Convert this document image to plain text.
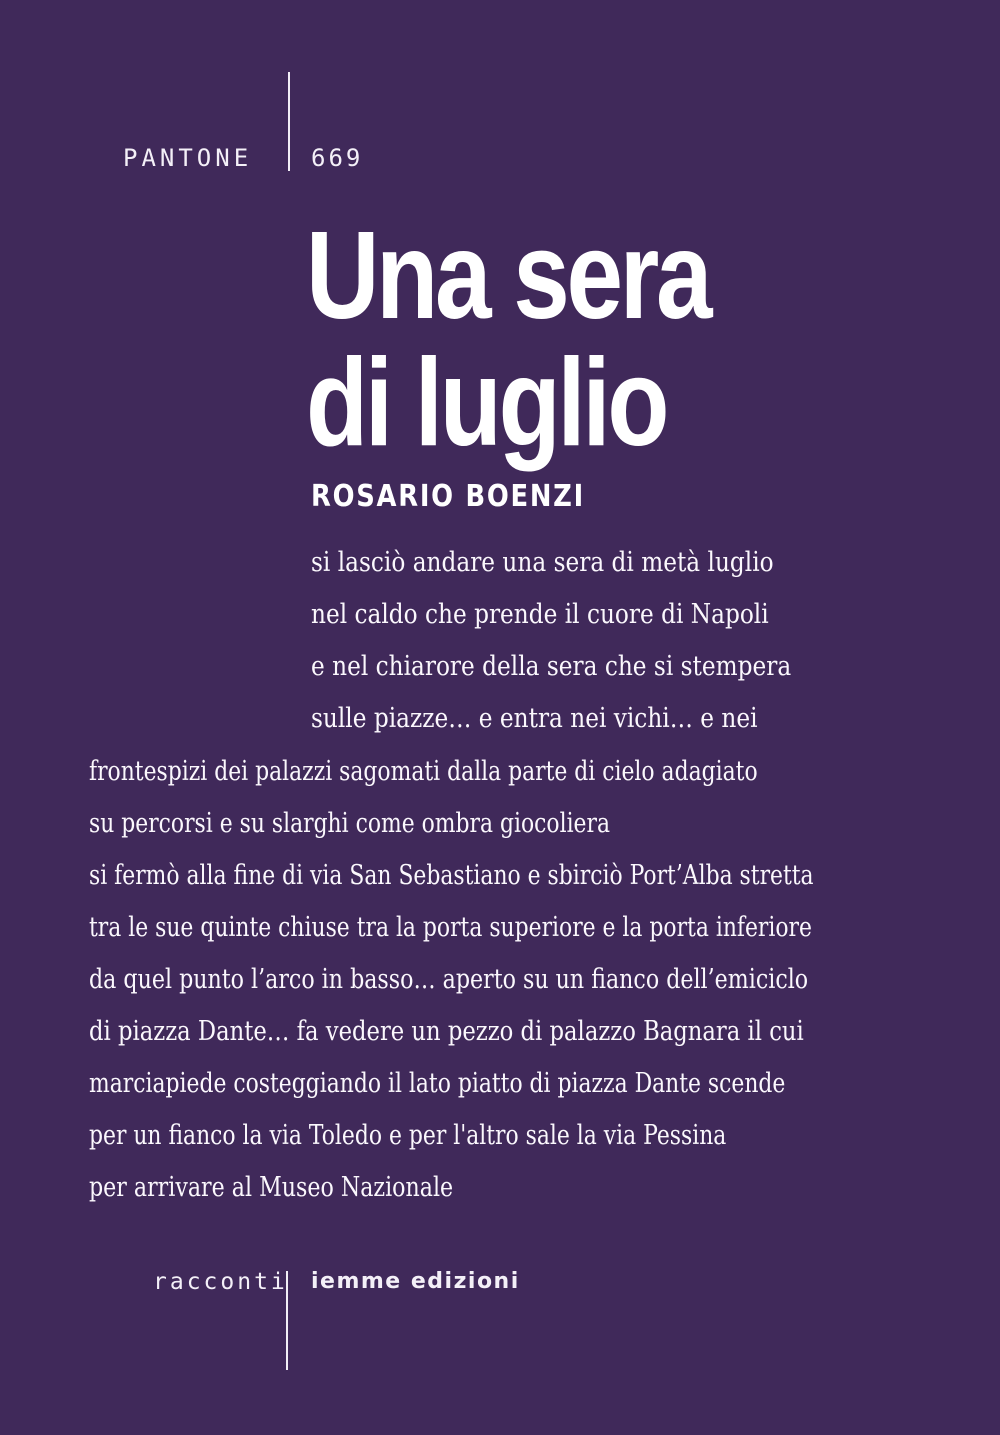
PANTONE 669
Una sera
di luglio
ROSARIO BOENZI
si lasciò andare una sera di metà luglio
nel caldo che prende il cuore di Napoli
e nel chiarore della sera che si stempera
sulle piazze… e entra nei vichi… e nei
frontespizi dei palazzi sagomati dalla parte di cielo adagiato
su percorsi e su slarghi come ombra giocoliera
si fermò alla fine di via San Sebastiano e sbirciò Port’Alba stretta
tra le sue quinte chiuse tra la porta superiore e la porta inferiore
da quel punto l’arco in basso… aperto su un fianco dell’emiciclo
di piazza Dante… fa vedere un pezzo di palazzo Bagnara il cui
marciapiede costeggiando il lato piatto di piazza Dante scende
per un fianco la via Toledo e per l'altro sale la via Pessina
per arrivare al Museo Nazionale
racconti iemme edizioni
